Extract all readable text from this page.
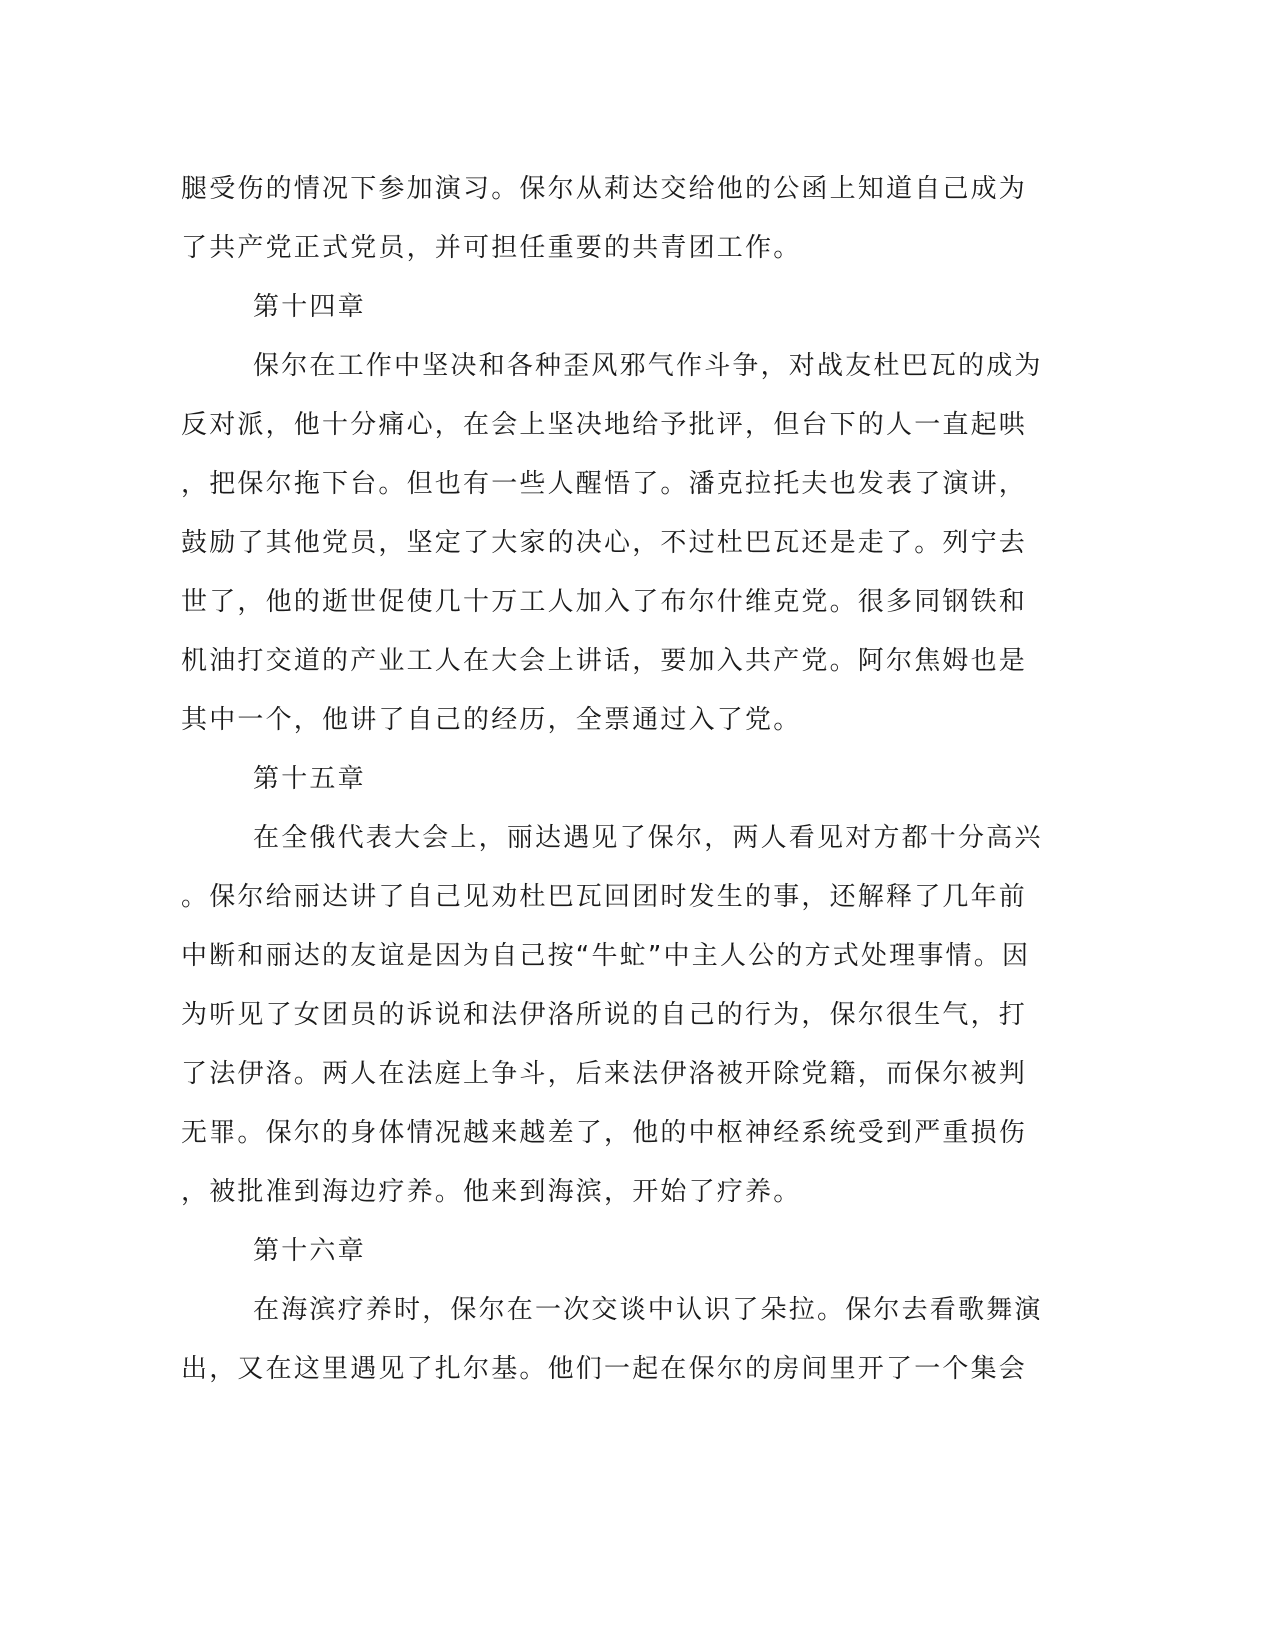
腿受伤的情况下参加演习。保尔从莉达交给他的公函上知道自己成为
了共产党正式党员，并可担任重要的共青团工作。
第十四章
保尔在工作中坚决和各种歪风邪气作斗争，对战友杜巴瓦的成为
反对派，他十分痛心，在会上坚决地给予批评，但台下的人一直起哄
，把保尔拖下台。但也有一些人醒悟了。潘克拉托夫也发表了演讲，
鼓励了其他党员，坚定了大家的决心，不过杜巴瓦还是走了。列宁去
世了，他的逝世促使几十万工人加入了布尔什维克党。很多同钢铁和
机油打交道的产业工人在大会上讲话，要加入共产党。阿尔焦姆也是
其中一个，他讲了自己的经历，全票通过入了党。
第十五章
在全俄代表大会上，丽达遇见了保尔，两人看见对方都十分高兴
。保尔给丽达讲了自己见劝杜巴瓦回团时发生的事，还解释了几年前
中断和丽达的友谊是因为自己按“牛虻”中主人公的方式处理事情。因
为听见了女团员的诉说和法伊洛所说的自己的行为，保尔很生气，打
了法伊洛。两人在法庭上争斗，后来法伊洛被开除党籍，而保尔被判
无罪。保尔的身体情况越来越差了，他的中枢神经系统受到严重损伤
，被批准到海边疗养。他来到海滨，开始了疗养。
第十六章
在海滨疗养时，保尔在一次交谈中认识了朵拉。保尔去看歌舞演
出，又在这里遇见了扎尔基。他们一起在保尔的房间里开了一个集会
